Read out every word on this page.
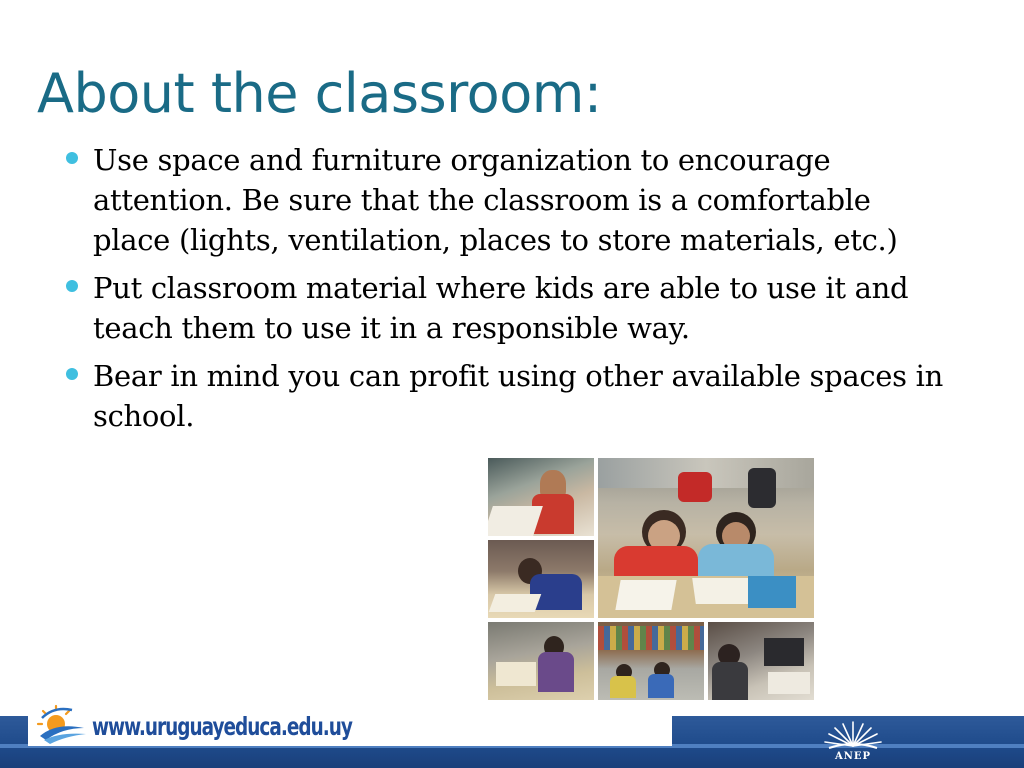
About the classroom:
Use space and furniture organization to encourage attention. Be sure that the classroom is a comfortable place (lights, ventilation, places to store materials, etc.)
Put classroom material where kids are able to use it and teach them to use it in a responsible way.
Bear in mind you can profit using other available spaces in school.
www.uruguayeduca.edu.uy
ANEP
